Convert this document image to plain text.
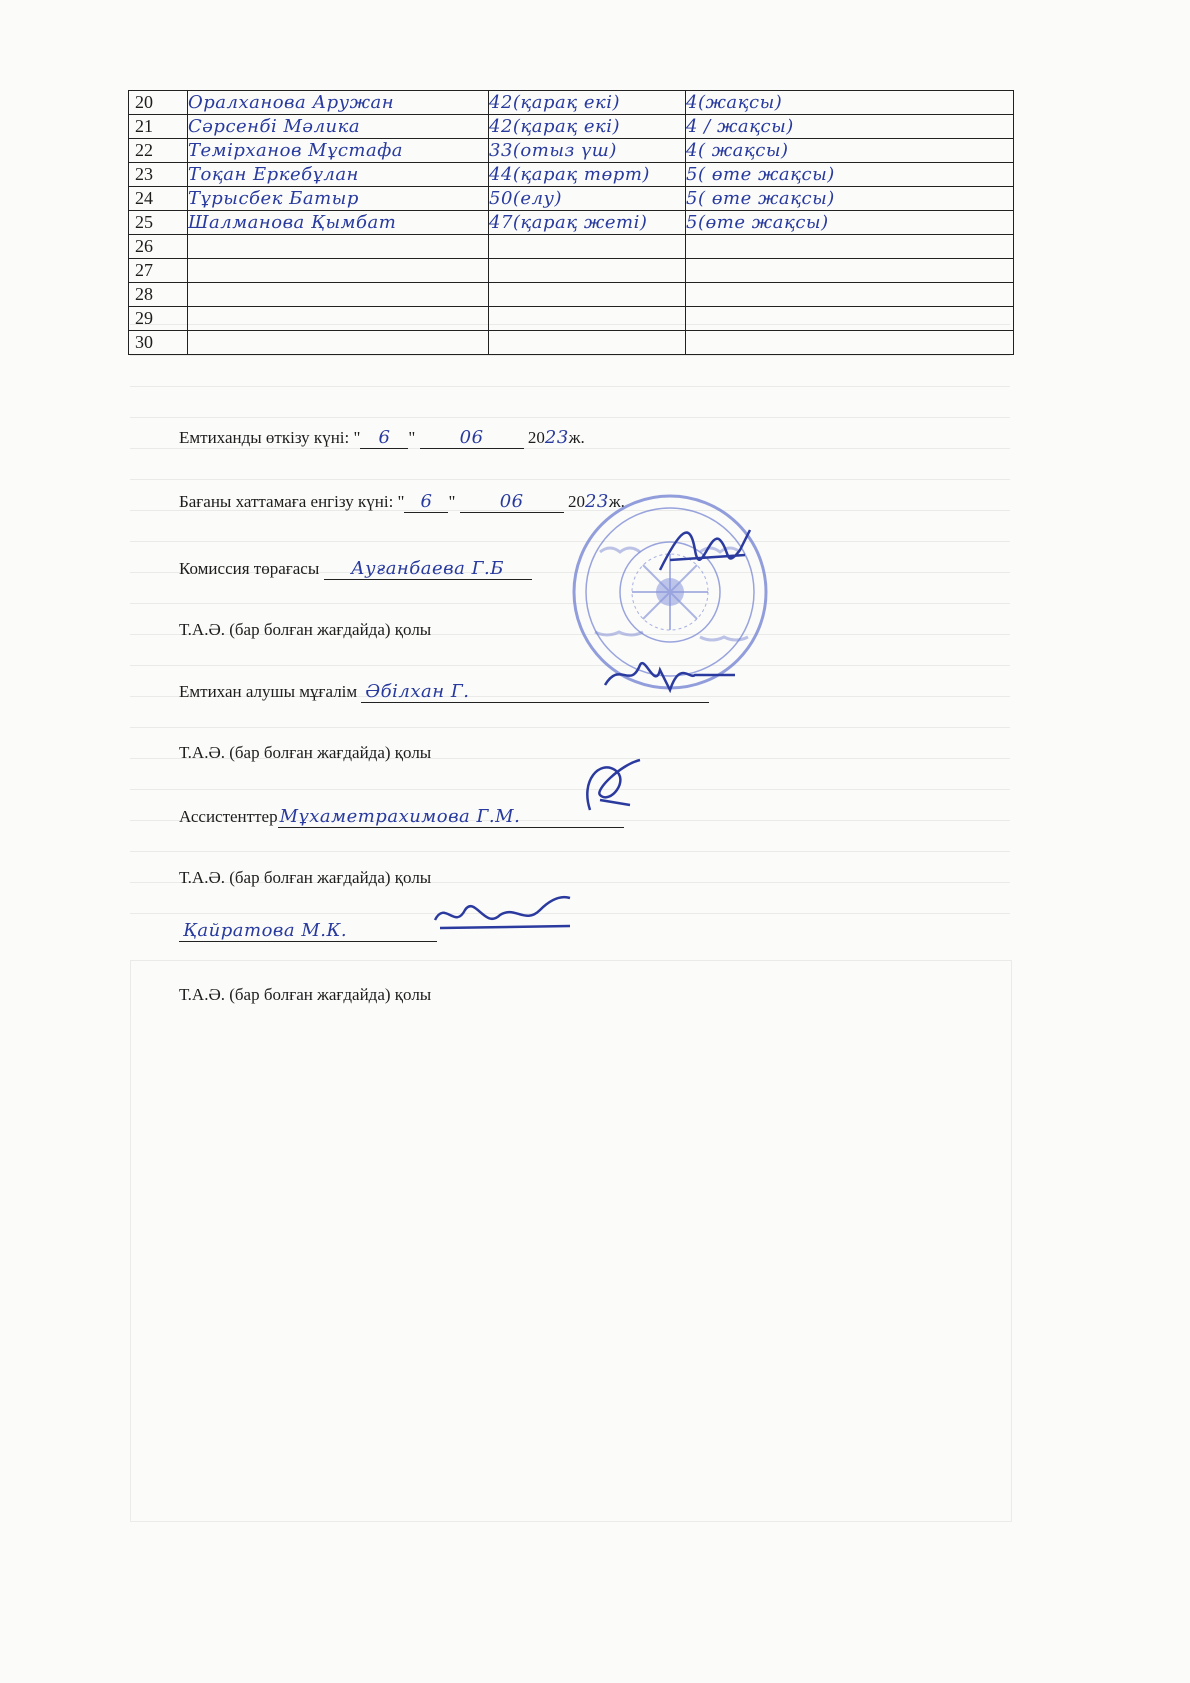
20	Оралханова Аружан	42(қарақ екі)	4(жақсы)
21	Сәрсенбі Мәлика	42(қарақ екі)	4 / жақсы)
22	Темірханов Мұстафа	33(отыз үш)	4( жақсы)
23	Тоқан Еркебұлан	44(қарақ төрт)	5( өте жақсы)
24	Тұрысбек Батыр	50(елу)	5( өте жақсы)
25	Шалманова Қымбат	47(қарақ жеті)	5(өте жақсы)
26			
27			
28			
29			
30			
Емтиханды өткізу күні: " 6 " 06	2023ж.
Бағаны хаттамаға енгізу күні: " 6 " 06	2023ж.
Комиссия төрағасы Ауғанбаева Г.Б
Т.А.Ә. (бар болған жағдайда) қолы
Емтихан алушы мұғалім Әбілхан Г.
Т.А.Ә. (бар болған жағдайда) қолы
Ассистенттер Мұхаметрахимова Г.М.
Т.А.Ә. (бар болған жағдайда) қолы
Қайратова М.К.
Т.А.Ә. (бар болған жағдайда) қолы
